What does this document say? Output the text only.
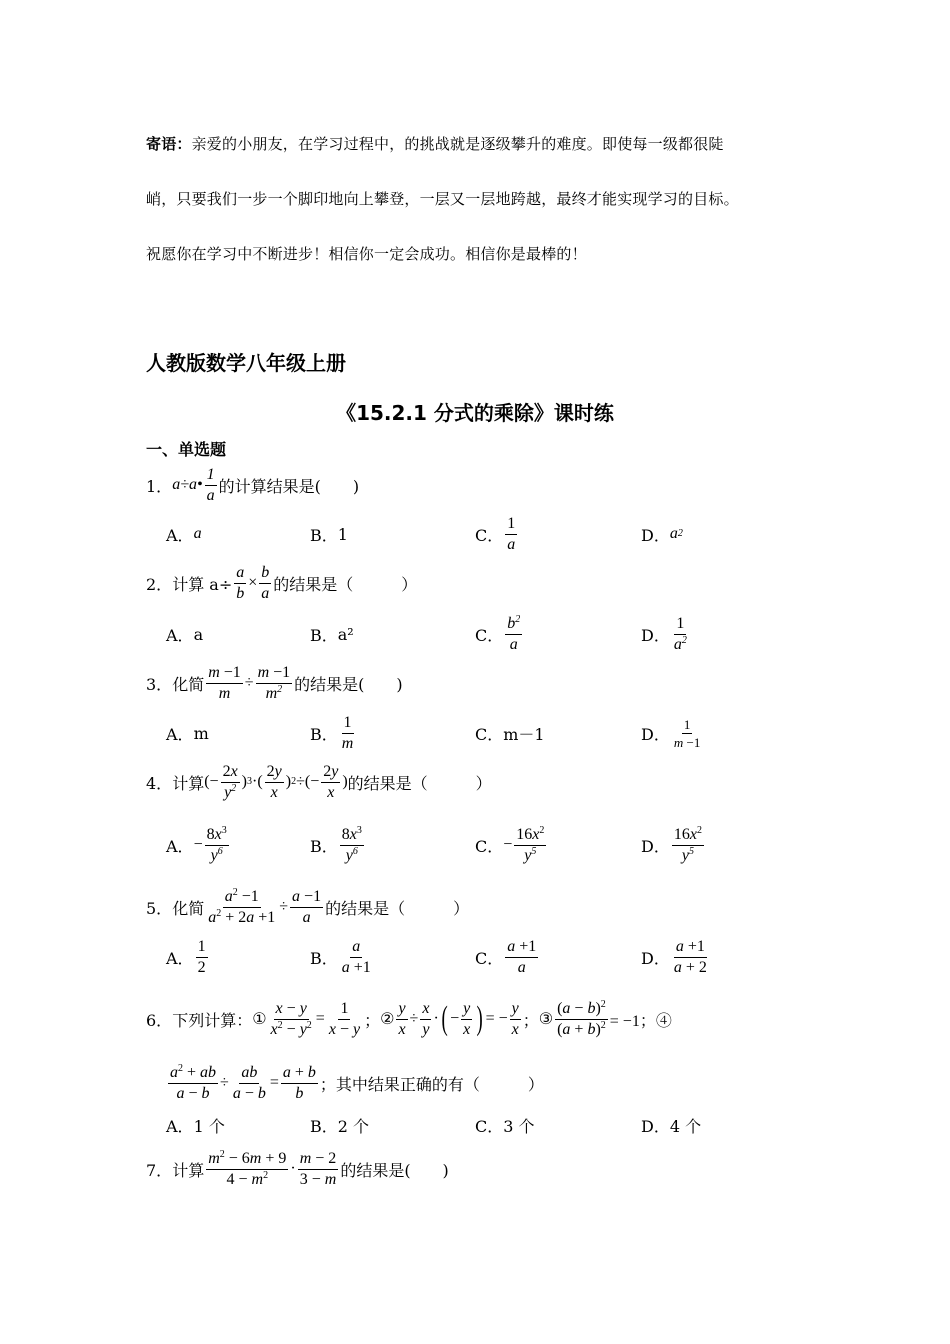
寄语：亲爱的小朋友，在学习过程中，的挑战就是逐级攀升的难度。即使每一级都很陡
峭，只要我们一步一个脚印地向上攀登，一层又一层地跨越，最终才能实现学习的目标。
祝愿你在学习中不断进步！相信你一定会成功。相信你是最棒的！
人教版数学八年级上册
《15.2.1 分式的乘除》课时练
一、单选题
1． a÷a• $\frac{1}{a}$ 的计算结果是(　　)
A． a	B． 1	C． $\frac{1}{a}$	D． a 2
2． 计算 $a\div \frac{a}{b} \times \frac{b}{a}$ 的结果是（　　　）
A． a	B． a²	C． $\frac{b^2}{a}$	D． $\frac{1}{a^2}$
3． 化简 $\frac{m -1}{m} \div \frac{m -1}{m^2}$ 的结果是(　　)
A． m	B． $\frac{1}{m}$	C． m－1	D． $\frac{1}{m -1}$
4． 计算 (− $\frac{2x}{y^2}$ ) 3 ·( $\frac{2y}{x}$ ) 2 ÷(− $\frac{2y}{x}$ ) 的结果是（　　　）
A． − $\frac{8x^3}{y^6}$	B． $\frac{8x^3}{y^6}$	C． − $\frac{16x^2}{y^5}$	D． $\frac{16x^2}{y^5}$
5． 化简 $\frac{a^2 -1}{a^2 + 2a +1} \div \frac{a -1}{a}$ 的结果是（　　　）
A． $\frac{1}{2}$	B． $\frac{a}{a +1}$	C． $\frac{a +1}{a}$	D． $\frac{a +1}{a + 2}$
6． 下列计算： ① $\frac{x - y}{x^2 - y^2} = \frac{1}{x - y}$ ； ② $\frac{y}{x} \div \frac{x}{y}$ · ( − $\frac{y}{x}$ ) = − $\frac{y}{x}$ ； ③ $\frac{(a - b)^2}{(a + b)^2} = -1$；④
$\frac{a^2 + ab}{a - b} \div \frac{ab}{a - b} = \frac{a + b}{b}$ ；其中结果正确的有（　　　）
A． 1 个	B． 2 个	C． 3 个	D． 4 个
7． 计算 $\frac{m^2 - 6m + 9}{4 - m^2} \cdot \frac{m - 2}{3 - m}$ 的结果是(　　)
